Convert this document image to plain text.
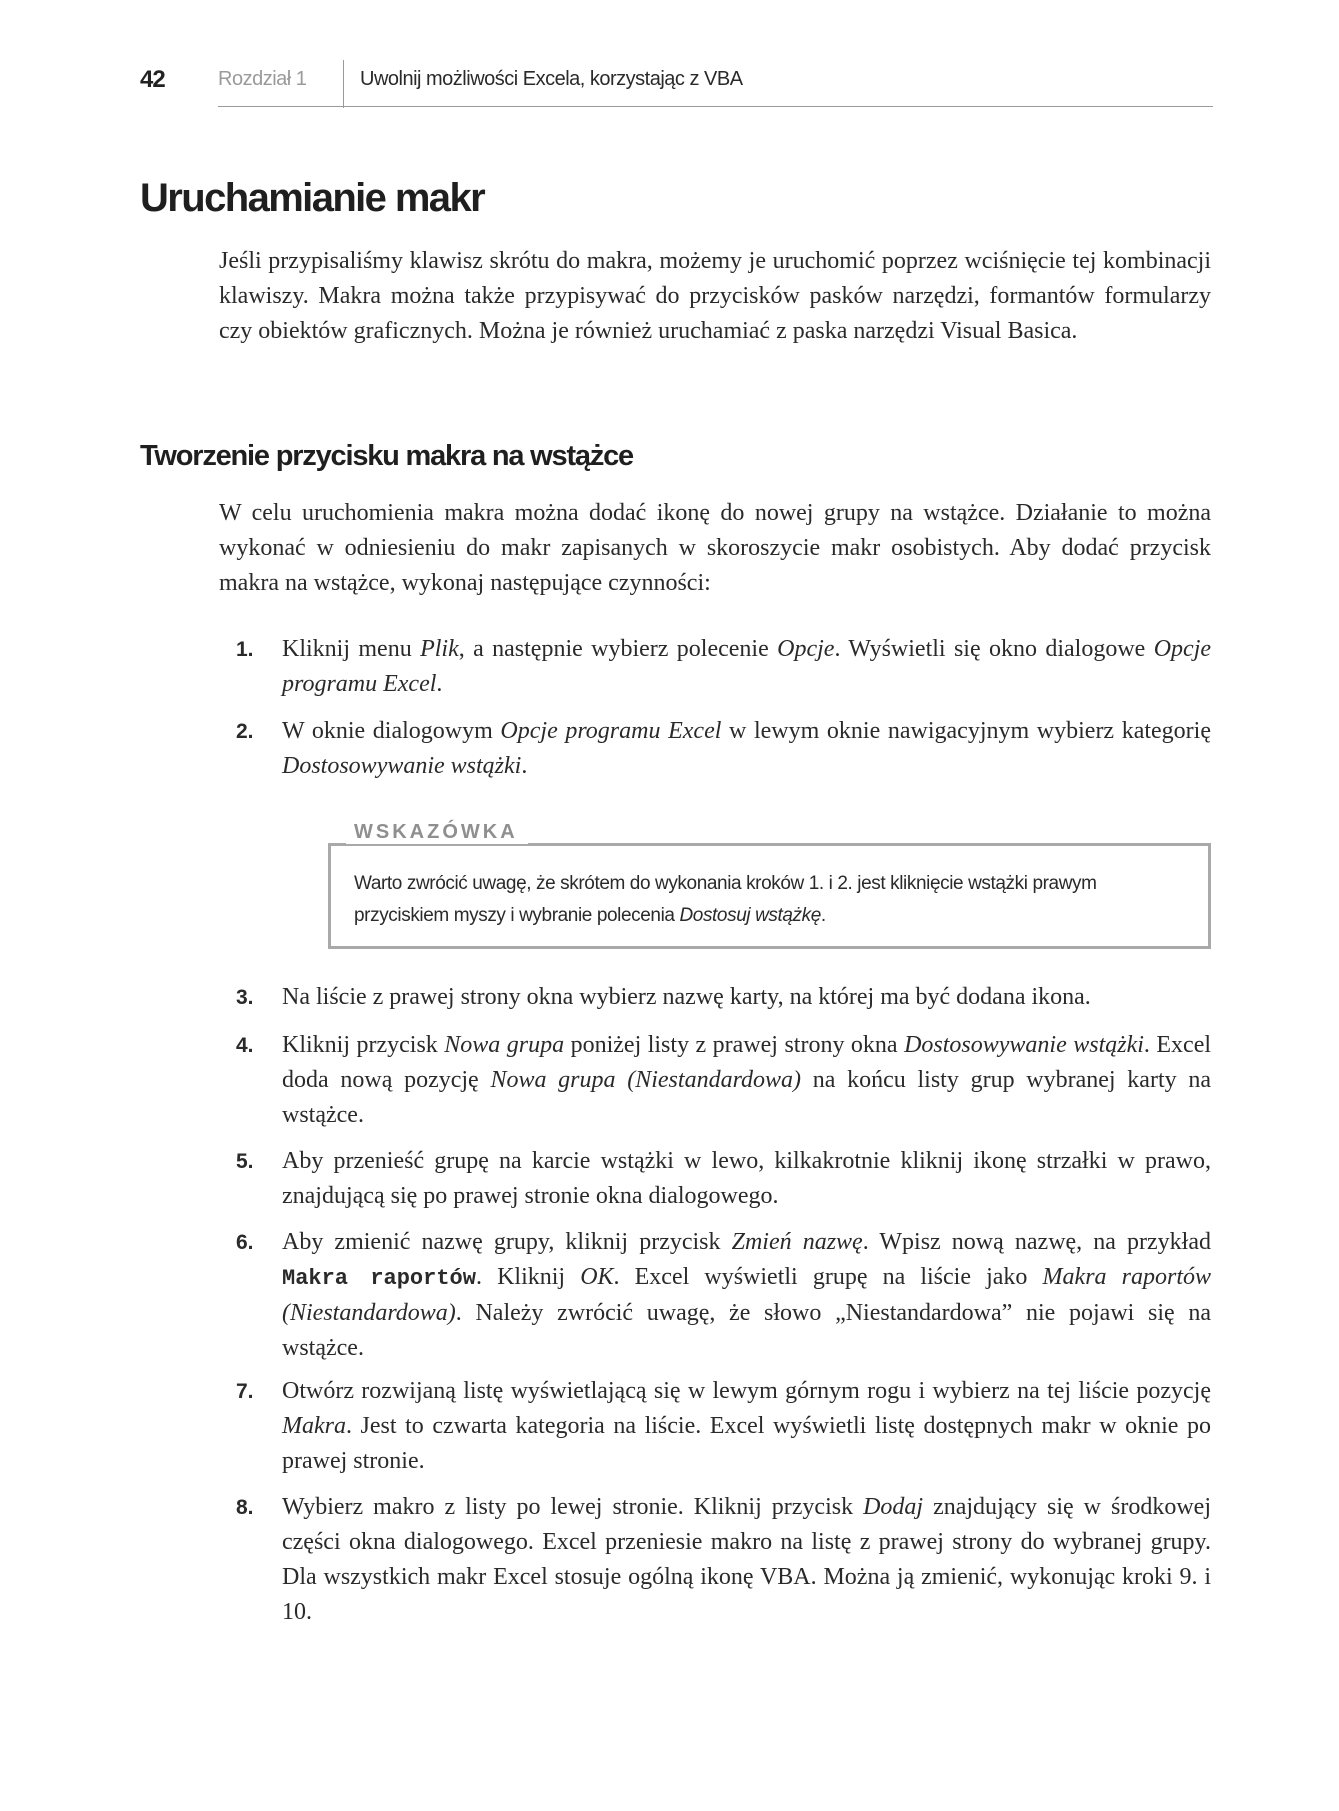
42	Rozdział 1	Uwolnij możliwości Excela, korzystając z VBA
Uruchamianie makr

Jeśli przypisaliśmy klawisz skrótu do makra, możemy je uruchomić poprzez wciśnięcie tej kombinacji klawiszy. Makra można także przypisywać do przycisków pasków narzędzi, formantów formularzy czy obiektów graficznych. Można je również uruchamiać z paska narzędzi Visual Basica.

Tworzenie przycisku makra na wstążce

W celu uruchomienia makra można dodać ikonę do nowej grupy na wstążce. Działanie to można wykonać w odniesieniu do makr zapisanych w skoroszycie makr osobistych. Aby dodać przycisk makra na wstążce, wykonaj następujące czynności:

1. Kliknij menu Plik, a następnie wybierz polecenie Opcje. Wyświetli się okno dialogowe Opcje programu Excel.

2. W oknie dialogowym Opcje programu Excel w lewym oknie nawigacyjnym wybierz kategorię Dostosowywanie wstążki.

WSKAZÓWKA

Warto zwrócić uwagę, że skrótem do wykonania kroków 1. i 2. jest kliknięcie wstążki prawym przyciskiem myszy i wybranie polecenia Dostosuj wstążkę.

3. Na liście z prawej strony okna wybierz nazwę karty, na której ma być dodana ikona.

4. Kliknij przycisk Nowa grupa poniżej listy z prawej strony okna Dostosowywanie wstążki. Excel doda nową pozycję Nowa grupa (Niestandardowa) na końcu listy grup wybranej karty na wstążce.

5. Aby przenieść grupę na karcie wstążki w lewo, kilkakrotnie kliknij ikonę strzałki w prawo, znajdującą się po prawej stronie okna dialogowego.

6. Aby zmienić nazwę grupy, kliknij przycisk Zmień nazwę. Wpisz nową nazwę, na przykład Makra raportów. Kliknij OK. Excel wyświetli grupę na liście jako Makra raportów (Niestandardowa). Należy zwrócić uwagę, że słowo „Niestandardowa” nie pojawi się na wstążce.

7. Otwórz rozwijaną listę wyświetlającą się w lewym górnym rogu i wybierz na tej liście pozycję Makra. Jest to czwarta kategoria na liście. Excel wyświetli listę dostępnych makr w oknie po prawej stronie.

8. Wybierz makro z listy po lewej stronie. Kliknij przycisk Dodaj znajdujący się w środkowej części okna dialogowego. Excel przeniesie makro na listę z prawej strony do wybranej grupy. Dla wszystkich makr Excel stosuje ogólną ikonę VBA. Można ją zmienić, wykonując kroki 9. i 10.
